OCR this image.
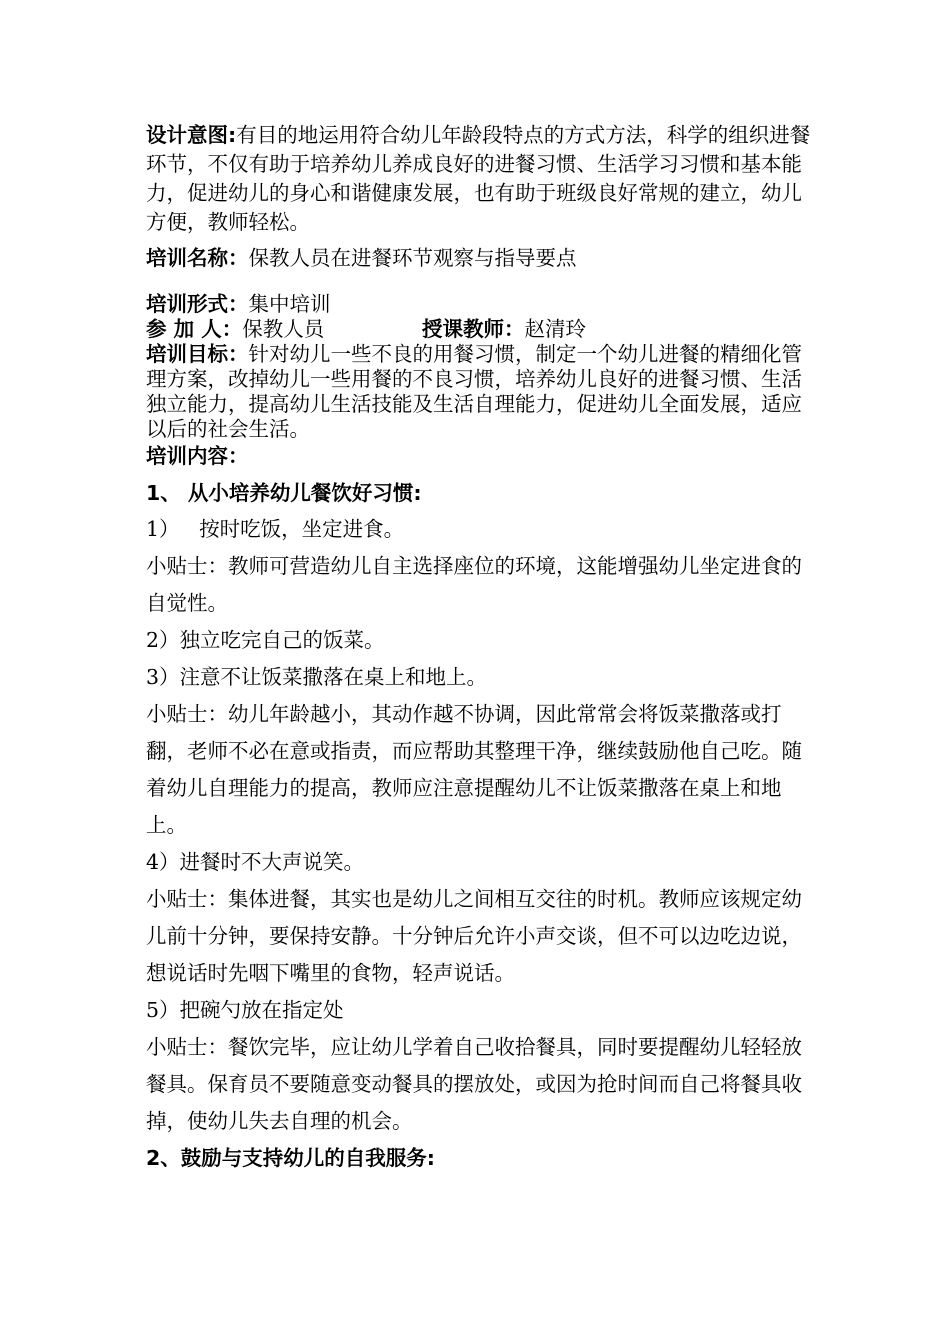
设计意图:有目的地运用符合幼儿年龄段特点的方式方法，科学的组织进餐环节，不仅有助于培养幼儿养成良好的进餐习惯、生活学习习惯和基本能力，促进幼儿的身心和谐健康发展，也有助于班级良好常规的建立，幼儿方便，教师轻松。

培训名称：保教人员在进餐环节观察与指导要点

培训形式：集中培训

参 加 人：保教人员	授课教师：赵清玲

培训目标：针对幼儿一些不良的用餐习惯，制定一个幼儿进餐的精细化管理方案，改掉幼儿一些用餐的不良习惯，培养幼儿良好的进餐习惯、生活独立能力，提高幼儿生活技能及生活自理能力，促进幼儿全面发展，适应以后的社会生活。

培训内容：

1、 从小培养幼儿餐饮好习惯:

1）   按时吃饭，坐定进食。
小贴士：教师可营造幼儿自主选择座位的环境，这能增强幼儿坐定进食的自觉性。
2）独立吃完自己的饭菜。
3）注意不让饭菜撒落在桌上和地上。
小贴士：幼儿年龄越小，其动作越不协调，因此常常会将饭菜撒落或打翻，老师不必在意或指责，而应帮助其整理干净，继续鼓励他自己吃。随着幼儿自理能力的提高，教师应注意提醒幼儿不让饭菜撒落在桌上和地上。
4）进餐时不大声说笑。
小贴士：集体进餐，其实也是幼儿之间相互交往的时机。教师应该规定幼儿前十分钟，要保持安静。十分钟后允许小声交谈，但不可以边吃边说，想说话时先咽下嘴里的食物，轻声说话。
5）把碗勺放在指定处
小贴士：餐饮完毕，应让幼儿学着自己收拾餐具，同时要提醒幼儿轻轻放餐具。保育员不要随意变动餐具的摆放处，或因为抢时间而自己将餐具收掉，使幼儿失去自理的机会。
2、鼓励与支持幼儿的自我服务:
